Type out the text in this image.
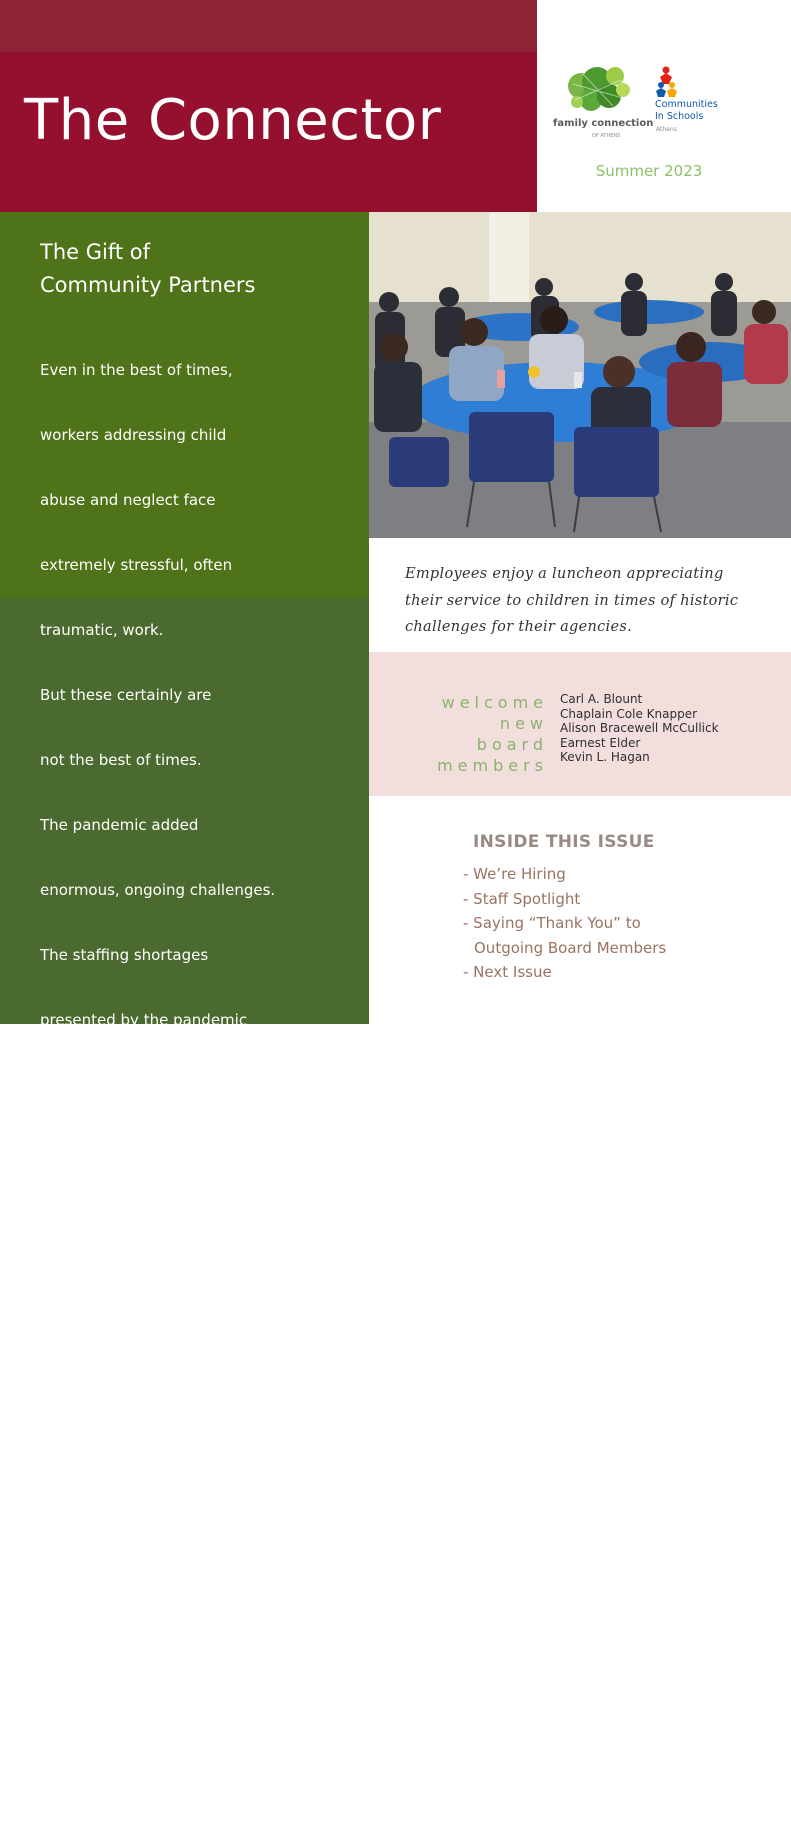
The Connector	family connection
OF ATHENS
Communities
In Schools
Athens
Summer 2023
The Gift of
Community Partners

Even in the best of times,

workers addressing child

abuse and neglect face

extremely stressful, often

traumatic, work.

But these certainly are

not the best of times.

The pandemic added

enormous, ongoing challenges.

The staffing shortages

presented by the pandemic

have been almost unfathomable.

At one point, Georgia’s

Division of Family & Children

Services (DFCS) had only

4 of 25 child safety positions

filled. The nature of the

work means that the

community at large doesn’t

see the work unless something

tragic happens, which is

much more likely during a

time of pressure.

Employees enjoy a luncheon appreciating
their service to children in times of historic
challenges for their agencies.
welcome
new
board
members
Carl A. Blount
Chaplain Cole Knapper
Alison Bracewell McCullick
Earnest Elder
Kevin L. Hagan
INSIDE THIS ISSUE
- We’re Hiring
- Staff Spotlight
- Saying “Thank You” to
Outgoing Board Members
- Next Issue
